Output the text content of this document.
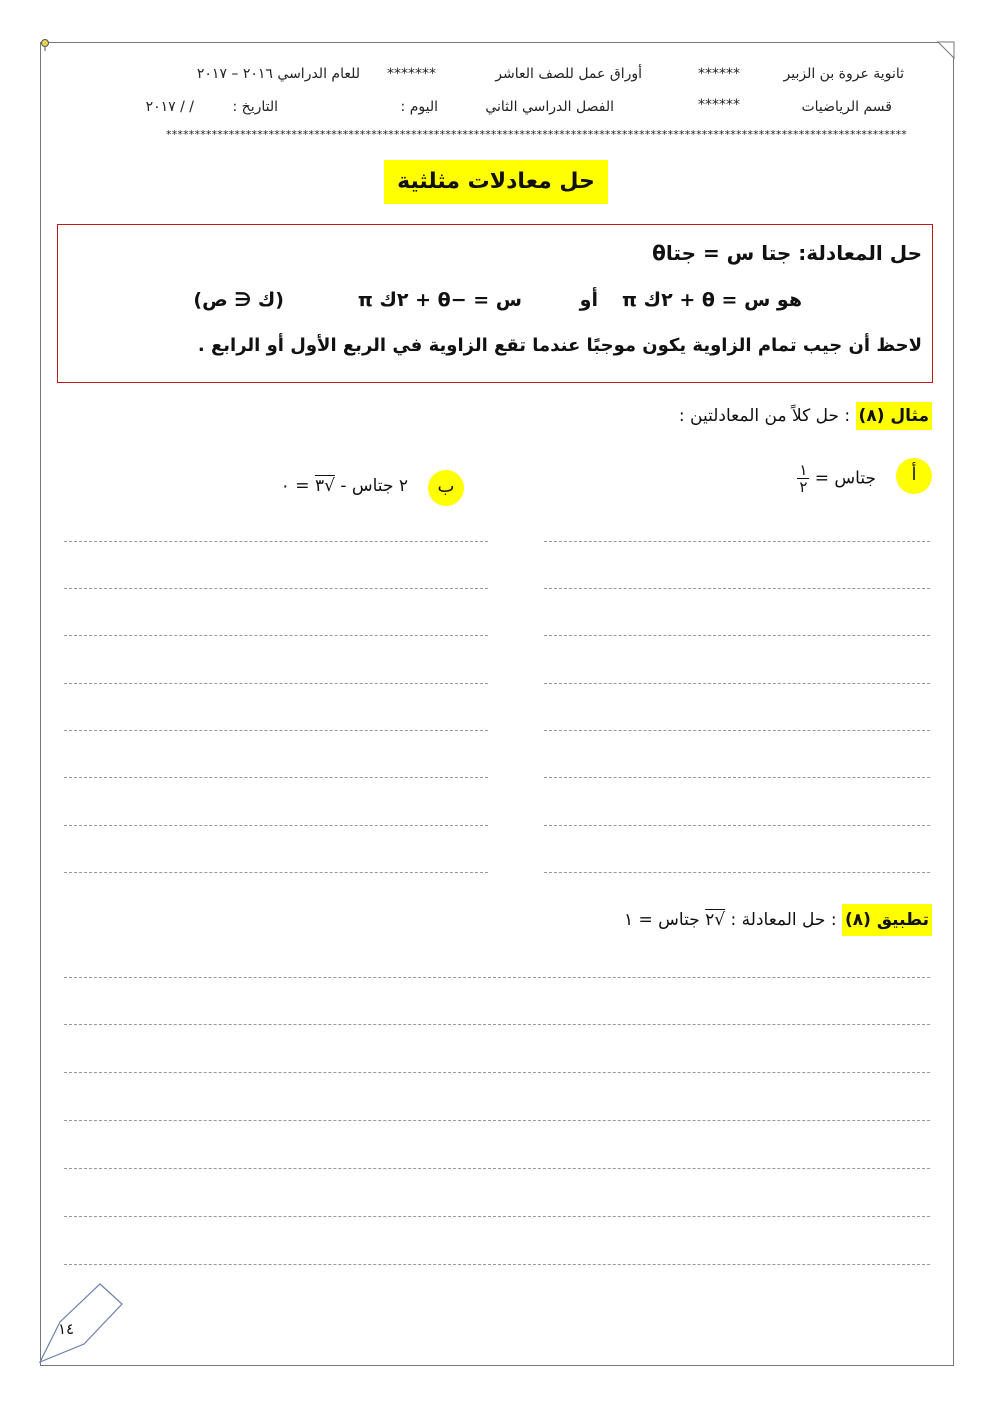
ثانوية عروة بن الزبير
******
أوراق عمل للصف العاشر
*******
للعام الدراسي ٢٠١٦ – ٢٠١٧
قسم الرياضيات
******
الفصل الدراسي الثاني
اليوم :
التاريخ :
/ / ٢٠١٧
**********************************************************************************************************************************
حل معادلات مثلثية
حل المعادلة: جتا س = جتاθ
هو س = θ + ٢ك π
أو
س = −θ + ٢ك π
(ك ∈ ص)
لاحظ أن جيب تمام الزاوية يكون موجبًا عندما تقع الزاوية في الربع الأول أو الرابع .
مثال (٨) : حل كلاً من المعادلتين :
أ
جتاس =
$\frac{١}{٢}$
ب
٢ جتاس - √٣ = ٠
تطبيق (٨) : حل المعادلة : √٢ جتاس = ١
١٤
